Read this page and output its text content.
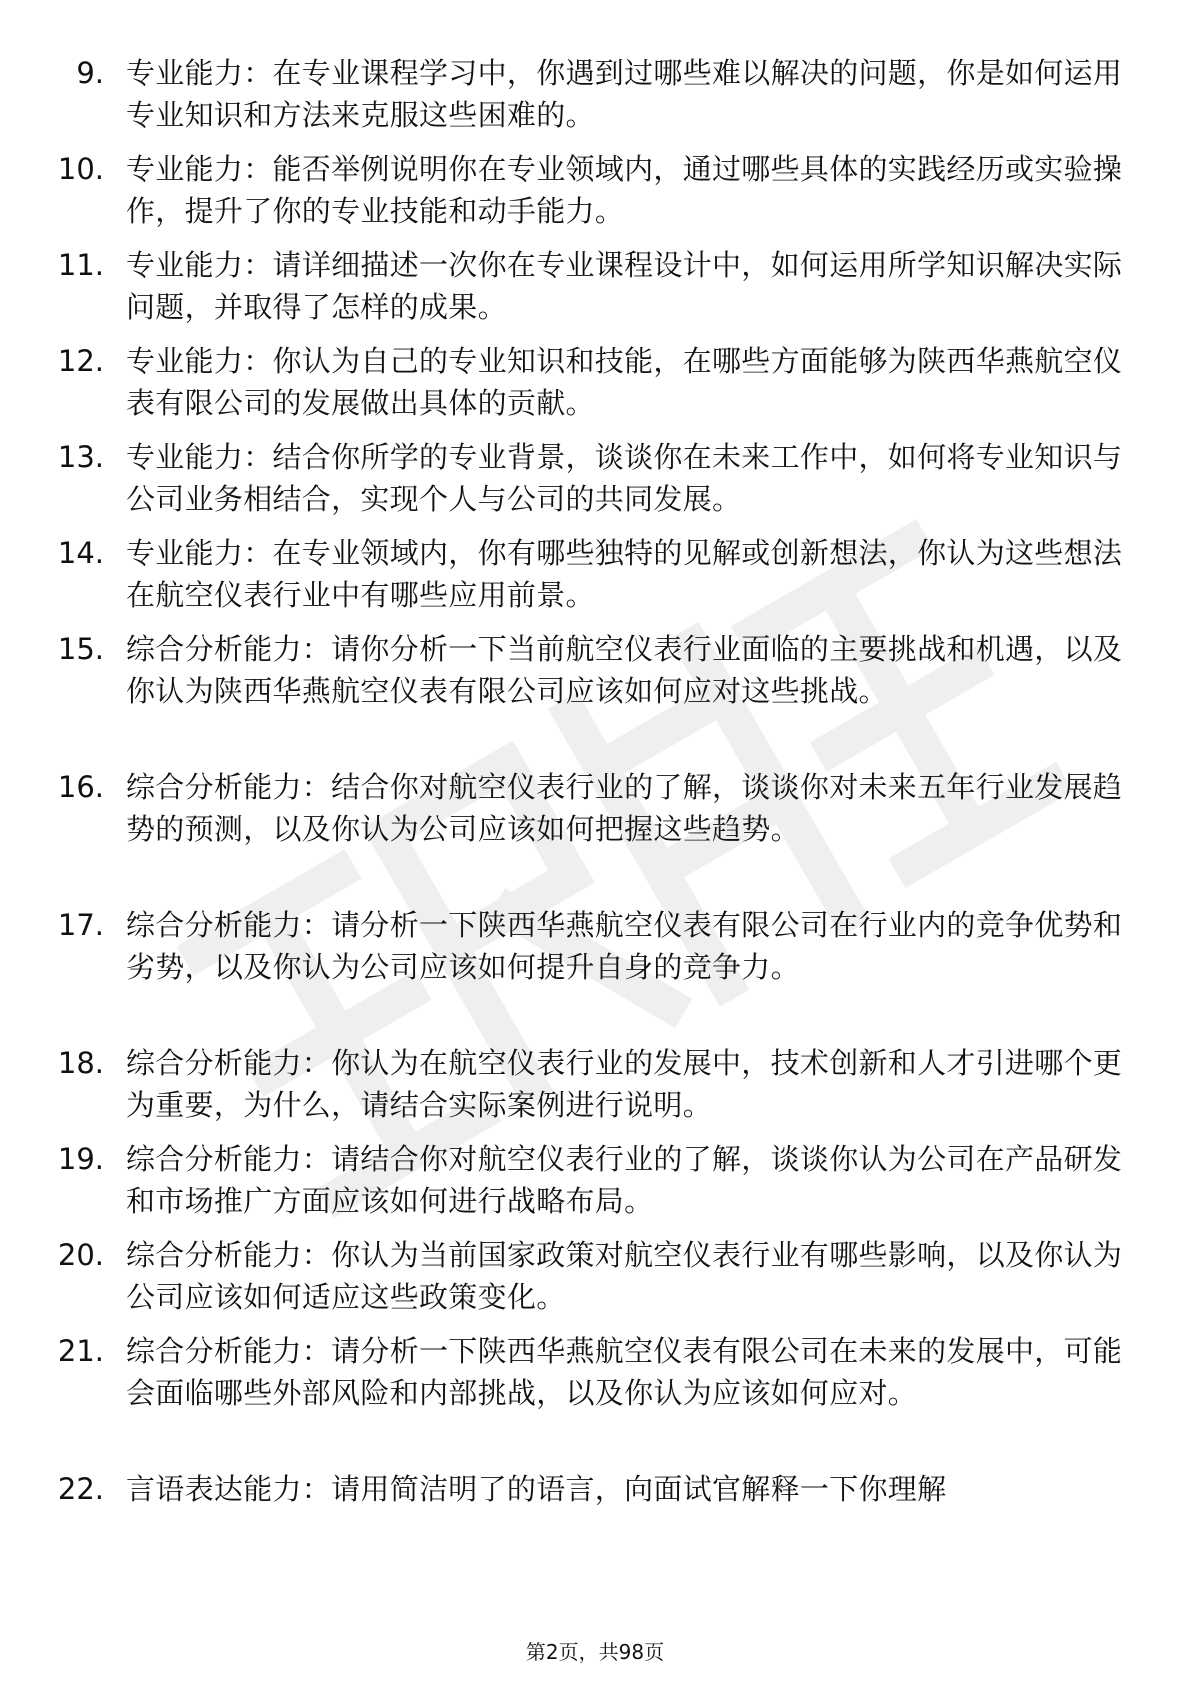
9. 专业能力：在专业课程学习中，你遇到过哪些难以解决的问题，你是如何运用专业知识和方法来克服这些困难的。
10. 专业能力：能否举例说明你在专业领域内，通过哪些具体的实践经历或实验操作，提升了你的专业技能和动手能力。
11. 专业能力：请详细描述一次你在专业课程设计中，如何运用所学知识解决实际问题，并取得了怎样的成果。
12. 专业能力：你认为自己的专业知识和技能，在哪些方面能够为陕西华燕航空仪表有限公司的发展做出具体的贡献。
13. 专业能力：结合你所学的专业背景，谈谈你在未来工作中，如何将专业知识与公司业务相结合，实现个人与公司的共同发展。
14. 专业能力：在专业领域内，你有哪些独特的见解或创新想法，你认为这些想法在航空仪表行业中有哪些应用前景。
15. 综合分析能力：请你分析一下当前航空仪表行业面临的主要挑战和机遇，以及你认为陕西华燕航空仪表有限公司应该如何应对这些挑战。
16. 综合分析能力：结合你对航空仪表行业的了解，谈谈你对未来五年行业发展趋势的预测，以及你认为公司应该如何把握这些趋势。
17. 综合分析能力：请分析一下陕西华燕航空仪表有限公司在行业内的竞争优势和劣势，以及你认为公司应该如何提升自身的竞争力。
18. 综合分析能力：你认为在航空仪表行业的发展中，技术创新和人才引进哪个更为重要，为什么，请结合实际案例进行说明。
19. 综合分析能力：请结合你对航空仪表行业的了解，谈谈你认为公司在产品研发和市场推广方面应该如何进行战略布局。
20. 综合分析能力：你认为当前国家政策对航空仪表行业有哪些影响，以及你认为公司应该如何适应这些政策变化。
21. 综合分析能力：请分析一下陕西华燕航空仪表有限公司在未来的发展中，可能会面临哪些外部风险和内部挑战，以及你认为应该如何应对。
22. 言语表达能力：请用简洁明了的语言，向面试官解释一下你理解
第2页，共98页
